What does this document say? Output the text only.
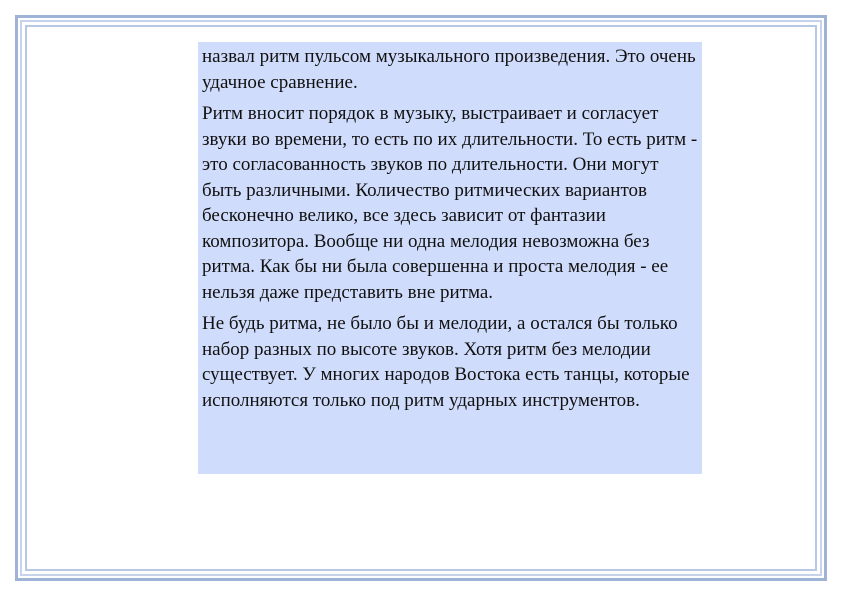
назвал ритм пульсом музыкального произведения. Это очень удачное сравнение.

Ритм вносит порядок в музыку, выстраивает и согласует звуки во времени, то есть по их длительности. То есть ритм - это согласованность звуков по длительности. Они могут быть различными. Количество ритмических вариантов бесконечно велико, все здесь зависит от фантазии композитора. Вообще ни одна мелодия невозможна без ритма. Как бы ни была совершенна и проста мелодия - ее нельзя даже представить вне ритма.

Не будь ритма, не было бы и мелодии, а остался бы только набор разных по высоте звуков. Хотя ритм без мелодии существует. У многих народов Востока есть танцы, которые исполняются только под ритм ударных инструментов.
